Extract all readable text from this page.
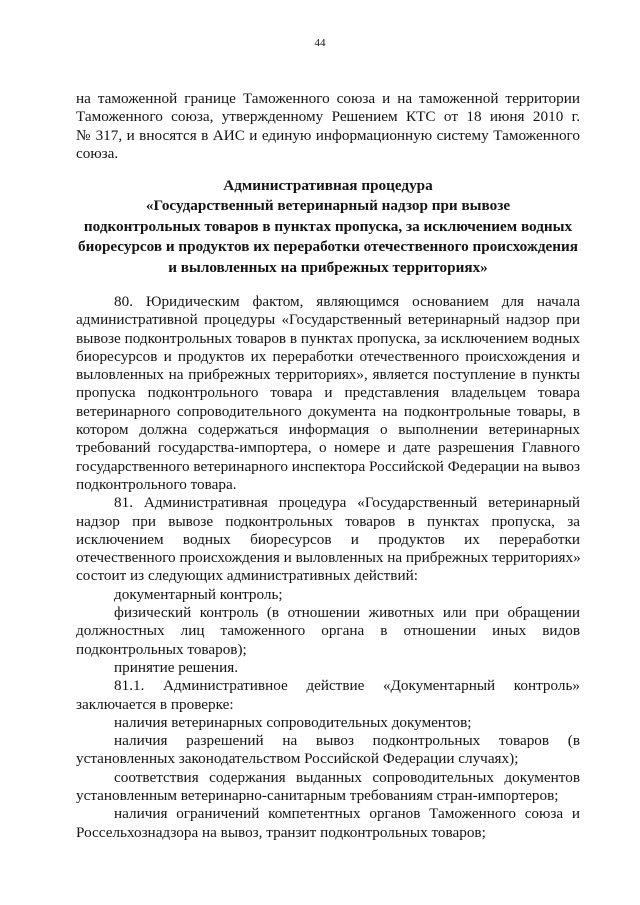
44
на таможенной границе Таможенного союза и на таможенной территории
Таможенного союза, утвержденному Решением КТС от 18 июня 2010 г.
№ 317, и вносятся в АИС и единую информационную систему Таможенного
союза.
Административная процедура
«Государственный ветеринарный надзор при вывозе
подконтрольных товаров в пунктах пропуска, за исключением водных
биоресурсов и продуктов их переработки отечественного происхождения
и выловленных на прибрежных территориях»
80. Юридическим фактом, являющимся основанием для начала
административной процедуры «Государственный ветеринарный надзор при
вывозе подконтрольных товаров в пунктах пропуска, за исключением водных
биоресурсов и продуктов их переработки отечественного происхождения и
выловленных на прибрежных территориях», является поступление в пункты
пропуска подконтрольного товара и представления владельцем товара
ветеринарного сопроводительного документа на подконтрольные товары, в
котором должна содержаться информация о выполнении ветеринарных
требований государства-импортера, о номере и дате разрешения Главного
государственного ветеринарного инспектора Российской Федерации на вывоз
подконтрольного товара.
81. Административная процедура «Государственный ветеринарный
надзор при вывозе подконтрольных товаров в пунктах пропуска, за
исключением водных биоресурсов и продуктов их переработки
отечественного происхождения и выловленных на прибрежных территориях»
состоит из следующих административных действий:
документарный контроль;
физический контроль (в отношении животных или при обращении
должностных лиц таможенного органа в отношении иных видов
подконтрольных товаров);
принятие решения.
81.1. Административное действие «Документарный контроль»
заключается в проверке:
наличия ветеринарных сопроводительных документов;
наличия разрешений на вывоз подконтрольных товаров (в
установленных законодательством Российской Федерации случаях);
соответствия содержания выданных сопроводительных документов
установленным ветеринарно-санитарным требованиям стран-импортеров;
наличия ограничений компетентных органов Таможенного союза и
Россельхознадзора на вывоз, транзит подконтрольных товаров;
